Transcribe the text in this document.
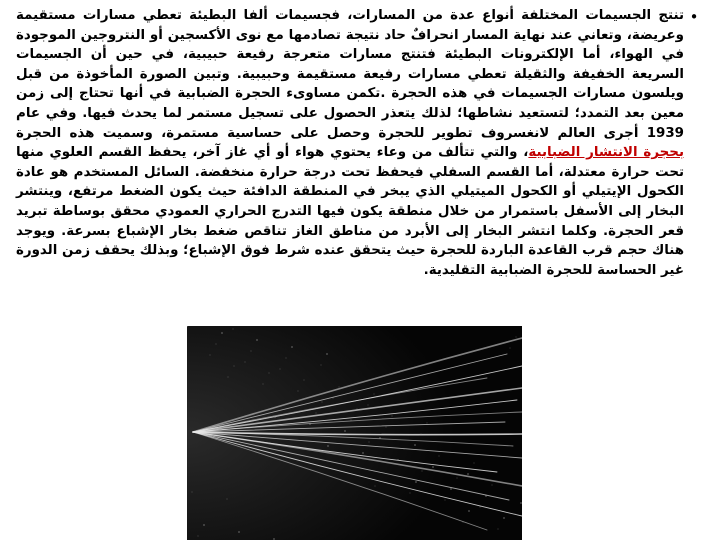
•

تنتج الجسيمات المختلفة أنواع عدة من المسارات، فجسيمات ألفا البطيئة تعطي مسارات مستقيمة وعريضة، وتعاني عند نهاية المسار انحرافٌ حاد نتيجة تصادمها مع نوى الأكسجين أو النتروجين الموجودة في الهواء، أما الإلكترونات البطيئة فتنتج مسارات متعرجة رفيعة حبيبية، في حين أن الجسيمات السريعة الخفيفة والثقيلة تعطي مسارات رفيعة مستقيمة وحبيبية. وتبين الصورة المأخوذة من قبل ويلسون مسارات الجسيمات في هذه الحجرة .تكمن مساوىء الحجرة الضبابية في أنها تحتاج إلى زمن معين بعد التمدد؛ لتستعيد نشاطها؛ لذلك يتعذر الحصول على تسجيل مستمر لما يحدث فيها. وفي عام 1939 أجرى العالم لانغسروف تطوير للحجرة وحصل على حساسية مستمرة، وسميت هذه الحجرة بحجرة الانتشار الضبابية، والتي تتألف من وعاء يحتوي هواء أو أي غاز آخر، يحفظ القسم العلوي منها تحت حرارة معتدلة، أما القسم السفلي فيحفظ تحت درجة حرارة منخفضة. السائل المستخدم هو عادة الكحول الإيتيلي أو الكحول الميتيلي الذي يبخر في المنطقة الدافئة حيث يكون الضغط مرتفع، وينتشر البخار إلى الأسفل باستمرار من خلال منطقة يكون فيها التدرج الحراري العمودي محقق بوساطة تبريد قعر الحجرة. وكلما انتشر البخار إلى الأبرد من مناطق الغاز تناقص ضغط بخار الإشباع بسرعة. ويوجد هناك حجم قرب القاعدة الباردة للحجرة حيث يتحقق عنده شرط فوق الإشباع؛ وبذلك يحقف زمن الدورة غير الحساسة للحجرة الضبابية التقليدية.
